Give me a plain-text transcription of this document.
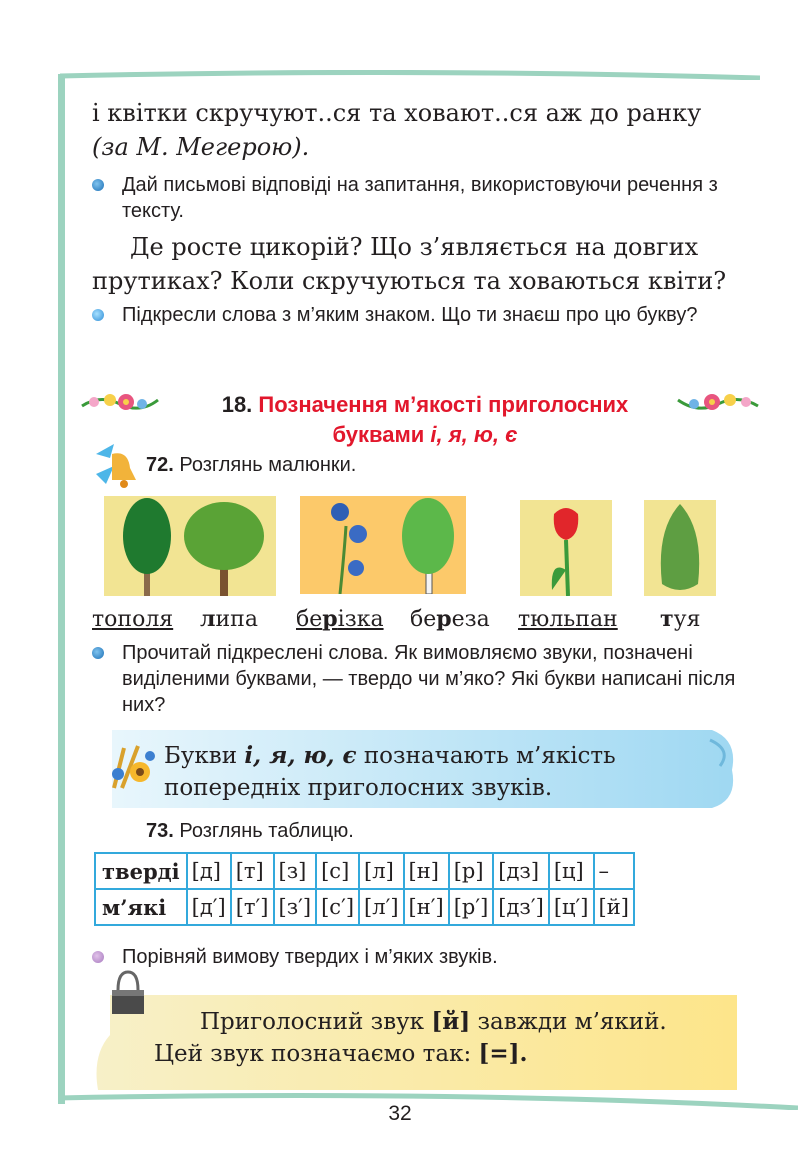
і квітки скручуют..ся та ховают..ся аж до ранку
(за М. Мегерою).
Дай письмові відповіді на запитання, використовуючи речення з тексту.
Де росте цикорій? Що з’являється на довгих прутиках? Коли скручуються та ховаються квіти?
Підкресли слова з м’яким знаком. Що ти знаєш про цю букву?
18. Позначення м’якості приголосних
буквами і, я, ю, є
72. Розглянь малюнки.
тополя липа берізка береза тюльпан туя
Прочитай підкреслені слова. Як вимовляємо звуки, позначені виділеними буквами, — твердо чи м’яко? Які букви написані після них?
Букви і, я, ю, є позначають м’якість попередніх приголосних звуків.
73. Розглянь таблицю.
тверді	[д]	[т]	[з]	[с]	[л]	[н]	[р]	[дз]	[ц]	–
м’які	[д′]	[т′]	[з′]	[с′]	[л′]	[н′]	[р′]	[дз′]	[ц′]	[й]
Порівняй вимову твердих і м’яких звуків.
Приголосний звук [й] завжди м’який.
Цей звук позначаємо так: [=].
32
